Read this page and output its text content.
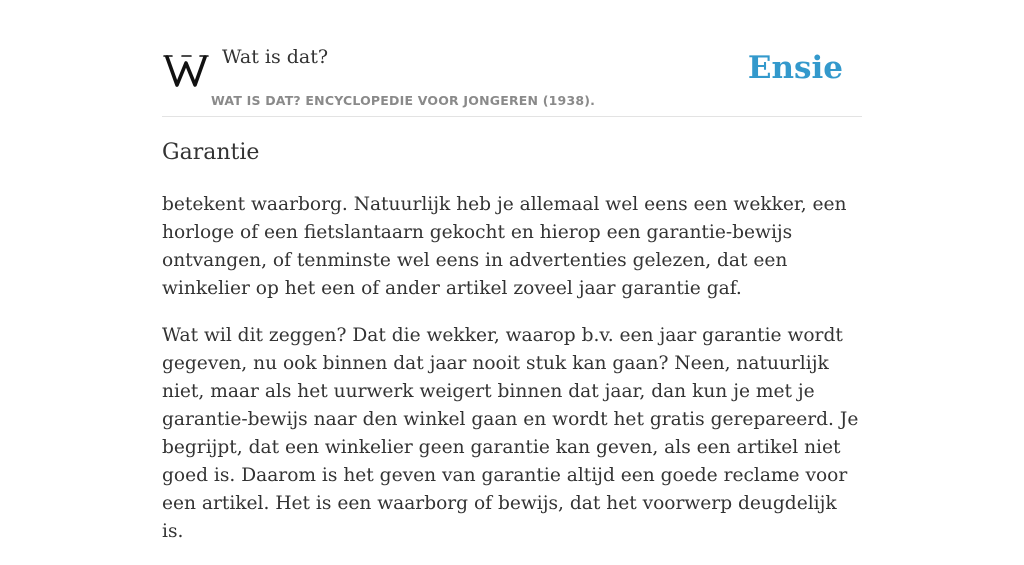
Wat is dat?
WAT IS DAT? ENCYCLOPEDIE VOOR JONGEREN (1938).
Ensie
Garantie

betekent waarborg. Natuurlijk heb je allemaal wel eens een wekker, een horloge of een fietslantaarn gekocht en hierop een garantie-bewijs ontvangen, of tenminste wel eens in advertenties gelezen, dat een winkelier op het een of ander artikel zoveel jaar garantie gaf.

Wat wil dit zeggen? Dat die wekker, waarop b.v. een jaar garantie wordt gegeven, nu ook binnen dat jaar nooit stuk kan gaan? Neen, natuurlijk niet, maar als het uurwerk weigert binnen dat jaar, dan kun je met je garantie-bewijs naar den winkel gaan en wordt het gratis gerepareerd. Je begrijpt, dat een winkelier geen garantie kan geven, als een artikel niet goed is. Daarom is het geven van garantie altijd een goede reclame voor een artikel. Het is een waarborg of bewijs, dat het voorwerp deugdelijk is.
